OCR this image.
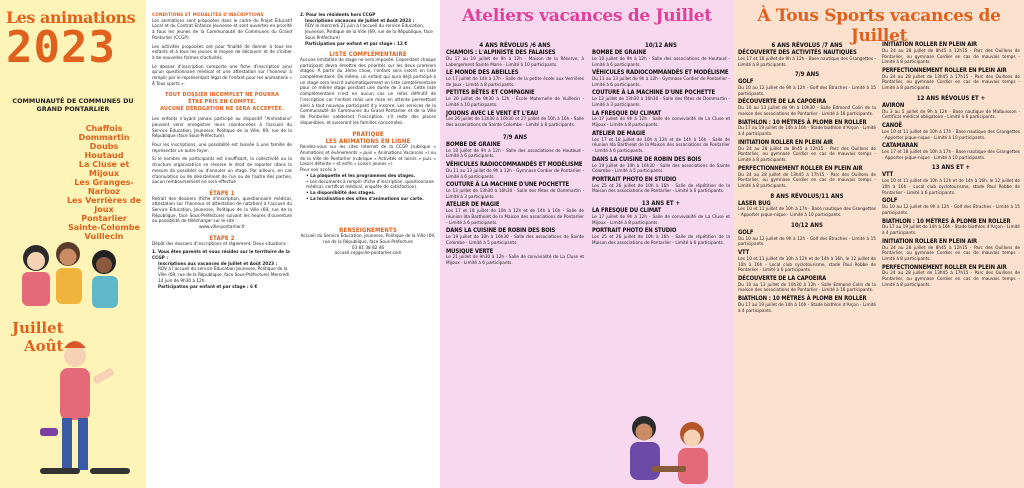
Les animations
2023
COMMUNAUTÉ DE COMMUNES DU
GRAND PONTARLIER
Chaffois
Dommartin
Doubs
Houtaud
La Cluse et Mijoux
Les Granges-Narboz
Les Verrières de Joux
Pontarlier
Sainte-Colombe
Vuillecin
Juillet
Août
CONDITIONS ET MODALITÉS D'INSCRIPTIONS
Les animations sont proposées dans le cadre du Projet Éducatif Local et du Contrat Enfance Jeunesse et sont ouvertes en priorité à tous les jeunes de la Communauté de Communes du Grand Pontarlier (CCGP).
Les activités proposées ont pour finalité de donner à tous les enfants et à tous les jeunes le moyen de découvrir et de s'initier à de nouvelles formes d'activités.
Le dossier d'inscription comporte une fiche d'inscription ainsi qu'un questionnaire médical et une attestation sur l'honneur à remplir par le représentant légal de l'enfant pour les animations « À Tous sports ».
TOUT DOSSIER INCOMPLET NE POURRA
ÊTRE PRIS EN COMPTE.
AUCUNE DÉROGATION NE SERA ACCEPTÉE.
Les enfants n'ayant jamais participé au dispositif "Animations" peuvent venir enregistrer leurs coordonnées à l'accueil du Service Éducation, Jeunesse, Politique de la Ville, 69, rue de la République (face Sous-Préfecture).
Pour les inscriptions, une possibilité est laissée à une famille de représenter un autre foyer.
Si le nombre de participants est insuffisant, la collectivité ou la structure organisatrice se réserve le droit de reporter (dans la mesure du possible) ou d'annuler un stage. Par ailleurs, en cas d'annulation ou de désistement de l'un ou de l'autre des parties, aucun remboursement ne sera effectué.
ÉTAPE 1
Retrait des dossiers (fiche d'inscription, questionnaire médical, attestation sur l'honneur et attestation de natation) à l'accueil du Service Éducation, Jeunesse, Politique de la Ville (69, rue de la République, face Sous-Préfecture) suivant les heures d'ouverture ou possibilité de télécharger sur le site :
www.ville-pontarlier.fr
ÉTAPE 2
Dépôt des dossiers d'inscriptions et règlement. Deux situations :
1. Vous êtes parents et vous résidez sur le territoire de la CCGP :
Inscriptions aux vacances de Juillet et Août 2023 :
RDV à l'accueil du service Éducation Jeunesse, Politique de la Ville (69, rue de la République, face Sous-Préfecture) Mercredi 14 juin de 9h30 à 12h.
Participation par enfant et par stage : 6 €
2. Pour les résidents hors CCGP
Inscriptions vacances de Juillet et Août 2023 :
RDV le mercredi 21 juin à l'accueil du service Éducation, Jeunesse, Politique de la Ville (69, rue de la République, face Sous-Préfecture)
Participation par enfant et par stage : 12 €
LISTE COMPLÉMENTAIRE
Aucune limitation de stage ne sera imposée. Cependant chaque participant devra émettre des priorités sur les deux premiers stages. À partir du 3ème choix, l'enfant sera inscrit en liste complémentaire. De même, un enfant qui aura déjà participé à un stage sera inscrit automatiquement en liste complémentaire pour ce même stage pendant une durée de 3 ans. Cette liste complémentaire n'est en aucun cas un refus définitif de l'inscription car l'enfant mais une mise en attente permettant ainsi à tout nouveau participant d'y inscrire. Les services de la Communauté de Communes du Grand Pontarlier et de la Ville de Pontarlier valideront l'inscription, s'il reste des places disponibles, et aviseront les familles concernées.
PRATIQUE
LES ANIMATIONS EN LIGNE
Rendez-vous sur les sites Internet de la CCGP (rubrique « Animations et évènements » puis « Animations Vacances ») ou de la Ville de Pontarlier (rubrique « Activités et loisirs » puis « Loisirs détente » et enfin « Loisirs jeunes »).
Pour voir accès à :
• La plaquette et les programmes des stages.
• Les documents à remplir (fiche d'inscription, questionnaire médical, certificat médical, enquête de satisfaction).
• La disponibilité des stages.
• La localisation des sites d'animations sur carte.
RENSEIGNEMENTS
Accueil du Service Éducation, Jeunesse, Politique de la Ville (69, rue de la République, face Sous-Préfecture
03 81 38 82 46
accueil.cej@ville-pontarlier.com
Ateliers vacances de Juillet
4 ANS RÉVOLUS /6 ANS
CHAMOIS : L'ALPINISTE DES FALAISES
Du 17 au 19 juillet de 9h à 12h - Maison de la Réserve, à Labergement Sainte Marie - Limité à 10 participants.
LE MONDE DES ABEILLES
Le 17 juillet de 14h à 17h - Salle de la petite école aux Verrières de Joux - Limité à 8 participants.
PETITES BÊTES ET COMPAGNIE
Le 20 juillet de 9h30 à 12h - École Maternelle de Vuillecin - Limité à 10 participants.
JOUONS AVEC LE VENT ET L'EAU
Les 26 juillet de 13h30 à 16h30 et 27 juillet de 10h à 16h - Salle des associations de Sainte Colombe - Limité à 8 participants.
7/9 ANS
BOMBE DE GRAINE
Le 10 juillet de 9h à 12h - Salle des associations de Houtaud - Limité à 6 participants.
VÉHICULES RADIOCOMMANDÉS ET MODÉLISME
Du 11 au 13 juillet de 9h à 12h - Gymnase Cordier de Pontarlier - Limité à 6 participants.
COUTURE À LA MACHINE D'UNE POCHETTE
Le 13 juillet de 13h30 à 16h30 - Salle des fêtes de Dommartin - Limité à 3 participants.
ATELIER DE MAGIE
Les 17 et 18 juillet de 10h à 12h et de 14h à 16h - Salle de réunion Ida Barthelet de la Maison des associations de Pontarlier - Limité à 6 participants.
DANS LA CUISINE DE ROBIN DES BOIS
Le 19 juillet de 10h à 16h30 - Salle des associations de Sainte Colombe - Limité à 5 participants.
MUSIQUE VERTE
Le 21 juillet de 9h30 à 12h - Salle de convivialité de La Cluse et Mijoux - Limité à 6 participants.
10/12 ANS
BOMBE DE GRAINE
Le 10 juillet de 9h à 12h - Salle des associations de Houtaud - Limité à 6 participants.
VÉHICULES RADIOCOMMANDÉS ET MODÉLISME
Du 11 au 13 juillet de 9h à 12h - Gymnase Cordier de Pontarlier - Limité à 6 participants.
COUTURE À LA MACHINE D'UNE POCHETTE
Le 13 juillet de 13h30 à 16h30 - Salle des fêtes de Dommartin - Limité à 3 participants.
LA FRESQUE DU CLIMAT
Le 17 juillet de 9h à 12h - Salle de convivialité de La Cluse et Mijoux - Limité à 8 participants.
ATELIER DE MAGIE
Les 17 et 18 juillet de 10h à 12h et de 14h à 16h - Salle de réunion Ida Barthelet de la Maison des associations de Pontarlier - Limité à 6 participants.
DANS LA CUISINE DE ROBIN DES BOIS
Le 19 juillet de 10h à 16h30 - Salle des associations de Sainte Colombe - Limité à 5 participants.
PORTRAIT PHOTO EN STUDIO
Les 25 et 26 juillet de 10h à 16h - Salle de répétition de la Maison des associations de Pontarlier - Limité à 6 participants.
13 ANS ET +
LA FRESQUE DU CLIMAT
Le 17 juillet de 9h à 12h - Salle de convivialité de La Cluse et Mijoux - Limité à 8 participants.
PORTRAIT PHOTO EN STUDIO
Les 25 et 26 juillet de 10h à 16h - Salle de répétition de la Maison des associations de Pontarlier - Limité à 6 participants.
À Tous Sports vacances de Juillet
6 ANS RÉVOLUS /7 ANS
DÉCOUVERTE DES ACTIVITÉS NAUTIQUES
Les 17 et 18 juillet de 9h à 12h - Base nautique des Grangettes - Limité à 8 participants.
7/9 ANS
GOLF
Du 10 au 12 juillet de 9h à 12h - Golf des Étraches - Limité à 15 participants.
DÉCOUVERTE DE LA CAPOEIRA
Du 10 au 13 juillet de 9h à 10h30 - Salle Edmond Colin de la maison des associations de Pontarlier - Limité à 16 participants.
BIATHLON : 10 MÈTRES À PLOMB EN ROLLER
Du 17 au 19 juillet de 14h à 16h - Stade biathlon d'Arçon - Limité à 4 participants.
INITIATION ROLLER EN PLEIN AIR
Du 24 au 28 juillet de 8h45 à 12h15 - Parc des Ouillons de Pontarlier, ou gymnase Cordier en cas de mauvais temps - Limité à 8 participants.
PERFECTIONNEMENT ROLLER EN PLEIN AIR
Du 24 au 28 juillet de 13h45 à 17h15 - Parc des Ouillons de Pontarlier, ou gymnase Cordier en cas de mauvais temps - Limité à 8 participants.
8 ANS RÉVOLUS/11 ANS
LASER BUG
Les 10 et 11 juillet de 10h à 17h - Base nautique des Grangettes - Apporter pique-nique - Limité à 10 participants.
10/12 ANS
GOLF
Du 10 au 12 juillet de 9h à 12h - Golf des Étraches - Limité à 15 participants.
VTT
Les 10 et 11 juillet de 10h à 12h et de 14h à 16h, le 12 juillet de 10h à 16h - Local club cyclotourisme, stade Paul Robbe de Pontarlier - Limité à 6 participants.
DÉCOUVERTE DE LA CAPOEIRA
Du 10 au 13 juillet de 10h30 à 12h - Salle Edmond Colin de la maison des associations de Pontarlier - Limité à 16 participants.
BIATHLON : 10 MÈTRES À PLOMB EN ROLLER
Du 17 au 19 juillet de 14h à 16h - Stade biathlon d'Arçon - Limité à 4 participants.
INITIATION ROLLER EN PLEIN AIR
Du 24 au 28 juillet de 8h45 à 12h15 - Parc des Ouillons de Pontarlier, ou gymnase Cordier en cas de mauvais temps - Limité à 8 participants.
PERFECTIONNEMENT ROLLER EN PLEIN AIR
Du 24 au 28 juillet de 13h45 à 17h15 - Parc des Ouillons de Pontarlier, ou gymnase Cordier en cas de mauvais temps - Limité à 8 participants.
12 ANS RÉVOLUS ET +
AVIRON
Du 3 au 5 juillet de 9h à 12h - Base nautique de Malbuisson - Certificat médical obligatoire - Limité à 6 participants.
CANOË
Les 10 et 11 juillet de 10h à 17h - Base nautique des Grangettes - Apporter pique-nique - Limité à 10 participants.
CATAMARAN
Les 17 et 18 juillet de 10h à 17h - Base nautique des Grangettes - Apporter pique-nique - Limité à 10 participants.
13 ANS ET +
VTT
Les 10 et 11 juillet de 10h à 12h et de 14h à 16h, le 12 juillet de 10h à 16h - Local club cyclotourisme, stade Paul Robbe de Pontarlier - Limité à 6 participants.
GOLF
Du 10 au 12 juillet de 9h à 12h - Golf des Étraches - Limité à 15 participants.
BIATHLON : 10 MÈTRES À PLOMB EN ROLLER
Du 17 au 19 juillet de 14h à 16h - Stade biathlon d'Arçon - Limité à 4 participants.
INITIATION ROLLER EN PLEIN AIR
Du 24 au 28 juillet de 8h45 à 12h15 - Parc des Ouillons de Pontarlier, ou gymnase Cordier en cas de mauvais temps - Limité à 8 participants.
PERFECTIONNEMENT ROLLER EN PLEIN AIR
Du 24 au 28 juillet de 13h45 à 17h15 - Parc des Ouillons de Pontarlier, ou gymnase Cordier en cas de mauvais temps - Limité à 8 participants.
